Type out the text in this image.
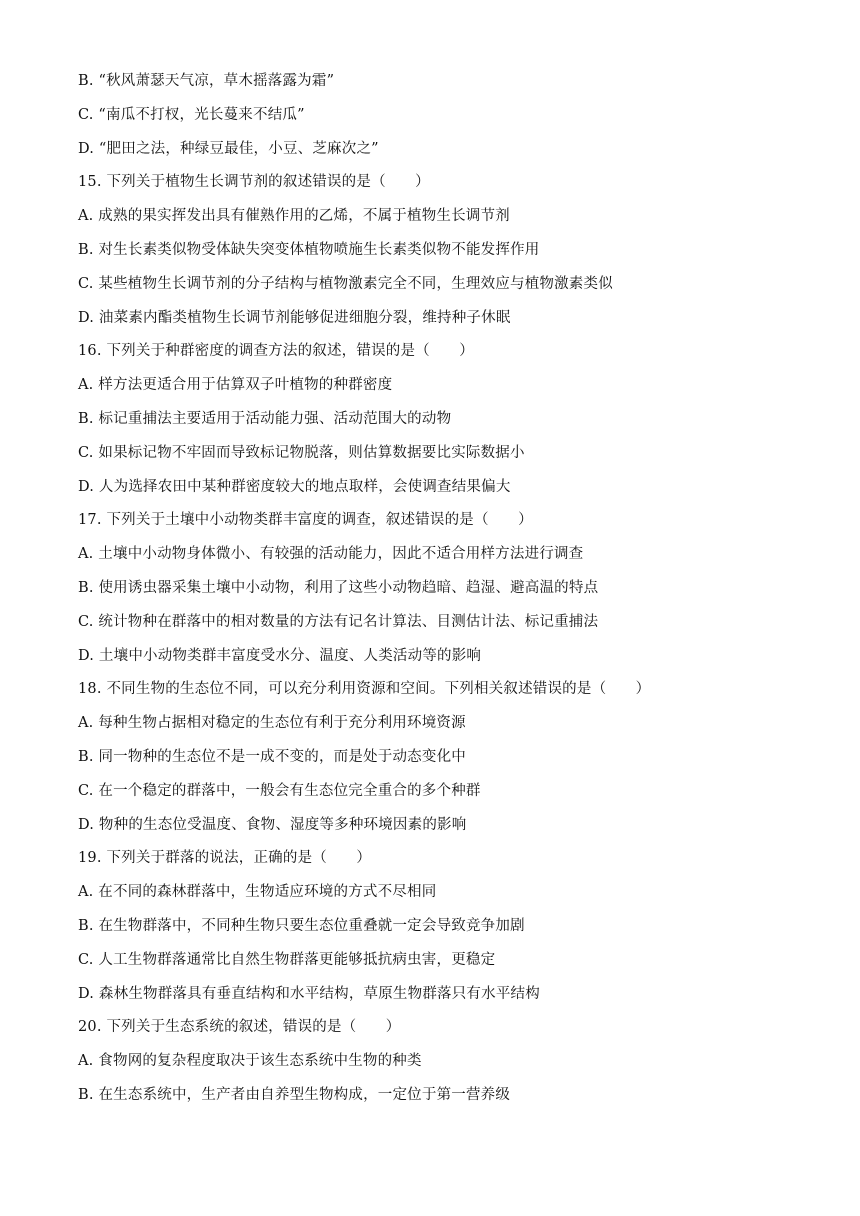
B. “秋风萧瑟天气凉，草木摇落露为霜”
C. “南瓜不打杈，光长蔓来不结瓜”
D. “肥田之法，种绿豆最佳，小豆、芝麻次之”
15. 下列关于植物生长调节剂的叙述错误的是（　　）
A. 成熟的果实挥发出具有催熟作用的乙烯，不属于植物生长调节剂
B. 对生长素类似物受体缺失突变体植物喷施生长素类似物不能发挥作用
C. 某些植物生长调节剂的分子结构与植物激素完全不同，生理效应与植物激素类似
D. 油菜素内酯类植物生长调节剂能够促进细胞分裂，维持种子休眠
16. 下列关于种群密度的调查方法的叙述，错误的是（　　）
A. 样方法更适合用于估算双子叶植物的种群密度
B. 标记重捕法主要适用于活动能力强、活动范围大的动物
C. 如果标记物不牢固而导致标记物脱落，则估算数据要比实际数据小
D. 人为选择农田中某种群密度较大的地点取样，会使调查结果偏大
17. 下列关于土壤中小动物类群丰富度的调查，叙述错误的是（　　）
A. 土壤中小动物身体微小、有较强的活动能力，因此不适合用样方法进行调查
B. 使用诱虫器采集土壤中小动物，利用了这些小动物趋暗、趋湿、避高温的特点
C. 统计物种在群落中的相对数量的方法有记名计算法、目测估计法、标记重捕法
D. 土壤中小动物类群丰富度受水分、温度、人类活动等的影响
18. 不同生物的生态位不同，可以充分利用资源和空间。下列相关叙述错误的是（　　）
A. 每种生物占据相对稳定的生态位有利于充分利用环境资源
B. 同一物种的生态位不是一成不变的，而是处于动态变化中
C. 在一个稳定的群落中，一般会有生态位完全重合的多个种群
D. 物种的生态位受温度、食物、湿度等多种环境因素的影响
19. 下列关于群落的说法，正确的是（　　）
A. 在不同的森林群落中，生物适应环境的方式不尽相同
B. 在生物群落中，不同种生物只要生态位重叠就一定会导致竞争加剧
C. 人工生物群落通常比自然生物群落更能够抵抗病虫害，更稳定
D. 森林生物群落具有垂直结构和水平结构，草原生物群落只有水平结构
20. 下列关于生态系统的叙述，错误的是（　　）
A. 食物网的复杂程度取决于该生态系统中生物的种类
B. 在生态系统中，生产者由自养型生物构成，一定位于第一营养级
